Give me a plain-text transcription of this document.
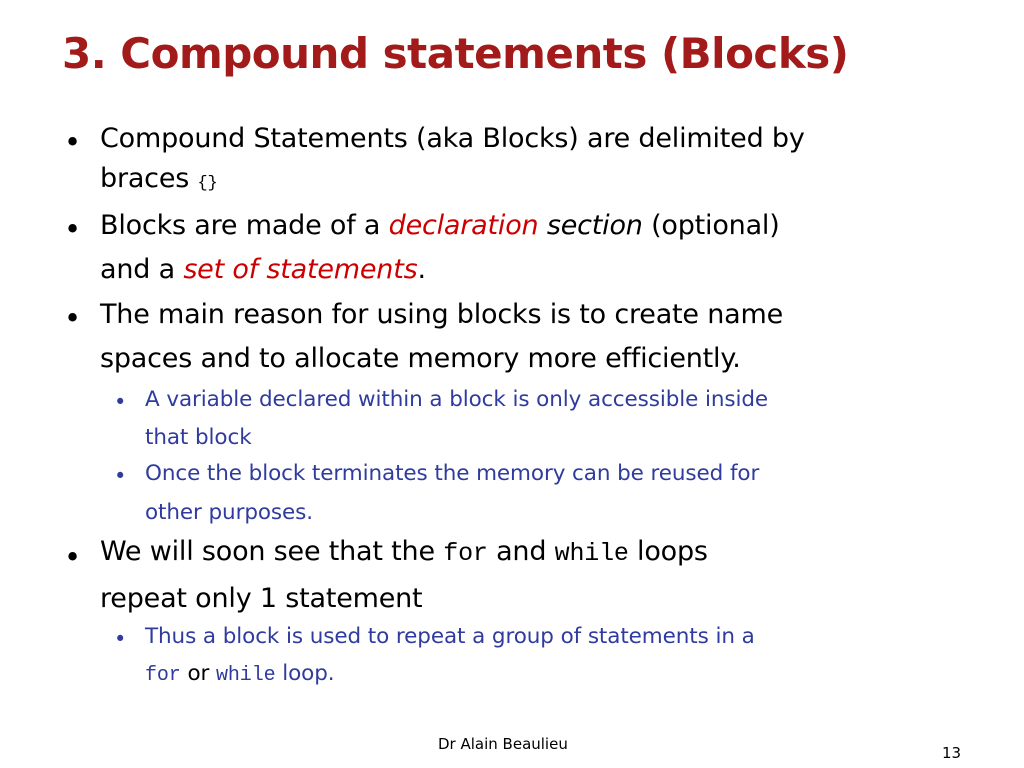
3. Compound statements (Blocks)
• Compound Statements (aka Blocks) are delimited by
braces {}
• Blocks are made of a declaration section (optional)
and a set of statements.
• The main reason for using blocks is to create name
spaces and to allocate memory more efficiently.
• A variable declared within a block is only accessible inside
that block
• Once the block terminates the memory can be reused for
other purposes.
• We will soon see that the for and while loops
repeat only 1 statement
• Thus a block is used to repeat a group of statements in a
for or while loop.
Dr Alain Beaulieu	13
